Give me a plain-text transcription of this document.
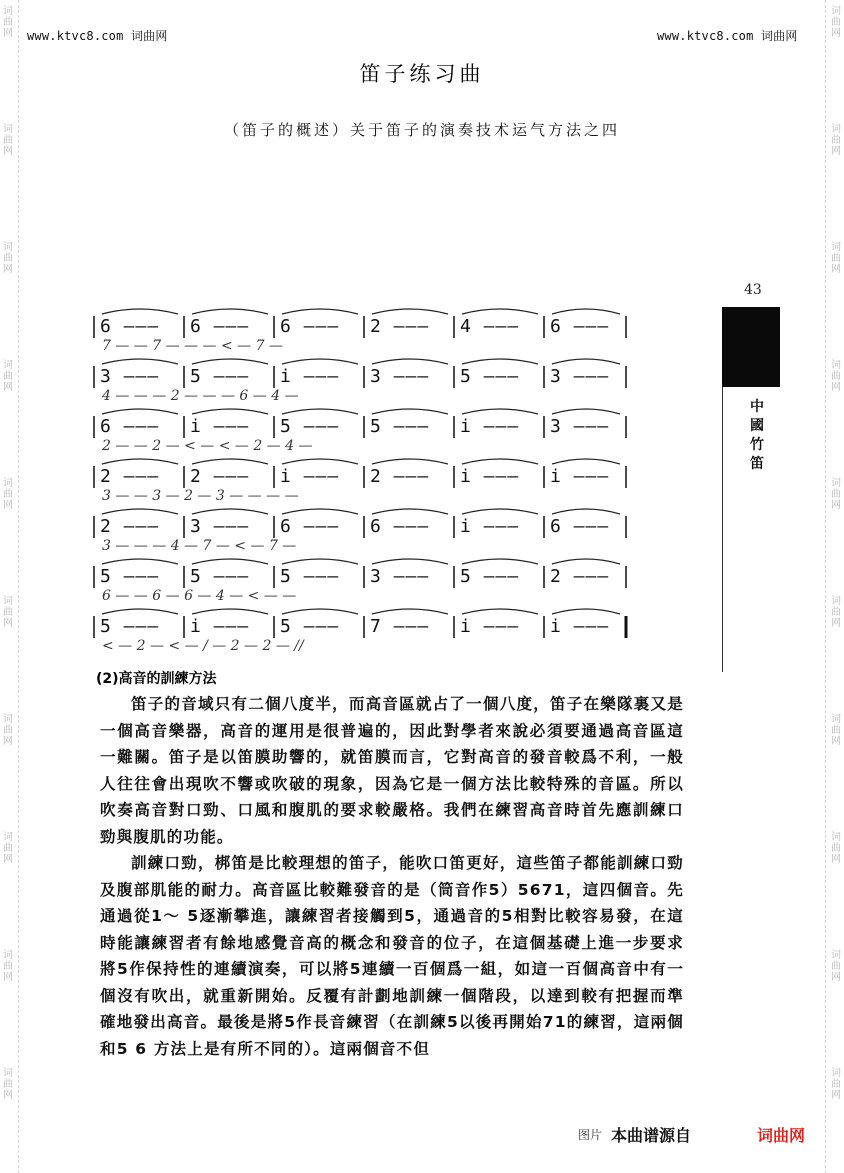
词
曲
网
词
曲
网
词
曲
网
词
曲
网
词
曲
网
词
曲
网
词
曲
网
词
曲
网
词
曲
网
词
曲
网
词
曲
网
词
曲
网
词
曲
网
词
曲
网
词
曲
网
词
曲
网
词
曲
网
词
曲
网
词
曲
网
词
曲
网
www.ktvc8.com 词曲网	www.ktvc8.com 词曲网
笛子练习曲
（笛子的概述）关于笛子的演奏技术运气方法之四
43
中國竹笛
6 ——— 6 ——— 6 ——— 2 ——— 4 ——— 6 ———
7 — — 7 — — — < — 7 —
3 ——— 5 ——— i ——— 3 ——— 5 ——— 3 ———
4 — — — 2 — — — 6 — 4 —
6 ——— i ——— 5 ——— 5 ——— i ——— 3 ———
2 — — 2 — < — < — 2 — 4 —
2 ——— 2 ——— i ——— 2 ——— i ——— i ———
3 — — 3 — 2 — 3 — — — —
2 ——— 3 ——— 6 ——— 6 ——— i ——— 6 ———
3 — — — 4 — 7 — < — 7 —
5 ——— 5 ——— 5 ——— 3 ——— 5 ——— 2 ———
6 — — 6 — 6 — 4 — < — —
5 ——— i ——— 5 ——— 7 ——— i ——— i ———
< — 2 — < — / — 2 — 2 — //
(2)高音的訓練方法
笛子的音域只有二個八度半，而高音區就占了一個八度，笛子在樂隊裏又是一個高音樂器，高音的運用是很普遍的，因此對學者來說必須要通過高音區這一難關。笛子是以笛膜助響的，就笛膜而言，它對高音的發音較爲不利，一般人往往會出現吹不響或吹破的現象，因為它是一個方法比較特殊的音區。所以吹奏高音對口勁、口風和腹肌的要求較嚴格。我們在練習高音時首先應訓練口勁與腹肌的功能。
訓練口勁，梆笛是比較理想的笛子，能吹口笛更好，這些笛子都能訓練口勁及腹部肌能的耐力。高音區比較難發音的是（筒音作5）5671，這四個音。先通過從1～ 5逐漸攀進，讓練習者接觸到5，通過音的5相對比較容易發，在這時能讓練習者有餘地感覺音高的概念和發音的位子，在這個基礎上進一步要求將5作保持性的連續演奏，可以將5連續一百個爲一組，如這一百個高音中有一個沒有吹出，就重新開始。反覆有計劃地訓練一個階段，以達到較有把握而準確地發出高音。最後是將5作長音練習（在訓練5以後再開始71的練習，這兩個和5 6 方法上是有所不同的）。這兩個音不但
图片 本曲谱源自	词曲网
